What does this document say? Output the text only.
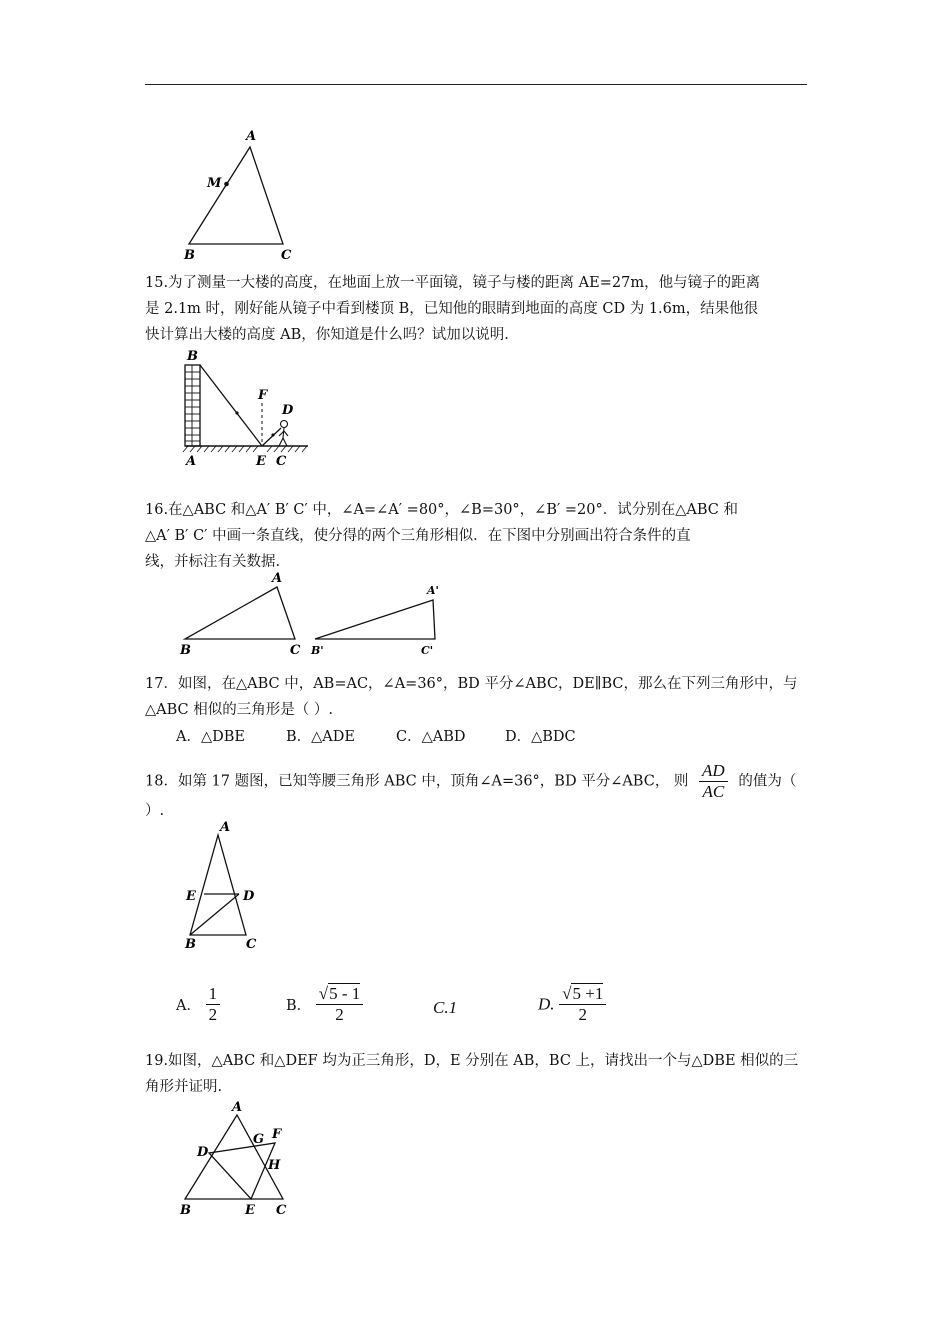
A
M
B	C
15.为了测量一大楼的高度，在地面上放一平面镜，镜子与楼的距离 AE=27m，他与镜子的距离
是 2.1m 时，刚好能从镜子中看到楼顶 B，已知他的眼睛到地面的高度 CD 为 1.6m，结果他很
快计算出大楼的高度 AB，你知道是什么吗？试加以说明.
B
F
D
A	E C
16.在△ABC 和△A′ B′ C′ 中，∠A=∠A′ =80°，∠B=30°，∠B′ =20°．试分别在△ABC 和
△A′ B′ C′ 中画一条直线，使分得的两个三角形相似．在下图中分别画出符合条件的直
线，并标注有关数据.
A
B	C
A'
B'	C'
17．如图，在△ABC 中，AB=AC，∠A=36°，BD 平分∠ABC，DE∥BC，那么在下列三角形中，与
△ABC 相似的三角形是（ ）.
A．△DBE	B．△ADE	C．△ABD	D．△BDC
18．如第 17 题图，已知等腰三角形 ABC 中，顶角∠A=36°，BD 平分∠ABC， 则 $\frac{AD}{AC}$ 的值为（
）.
A
E	D
B	C
A． $\frac{1}{2}$	B． $\frac{√5 - 1}{2}$	C.1	D. $\frac{√5 +1}{2}$
19.如图，△ABC 和△DEF 均为正三角形，D，E 分别在 AB，BC 上，请找出一个与△DBE 相似的三
角形并证明.
A
G F
D
H
B	E C
